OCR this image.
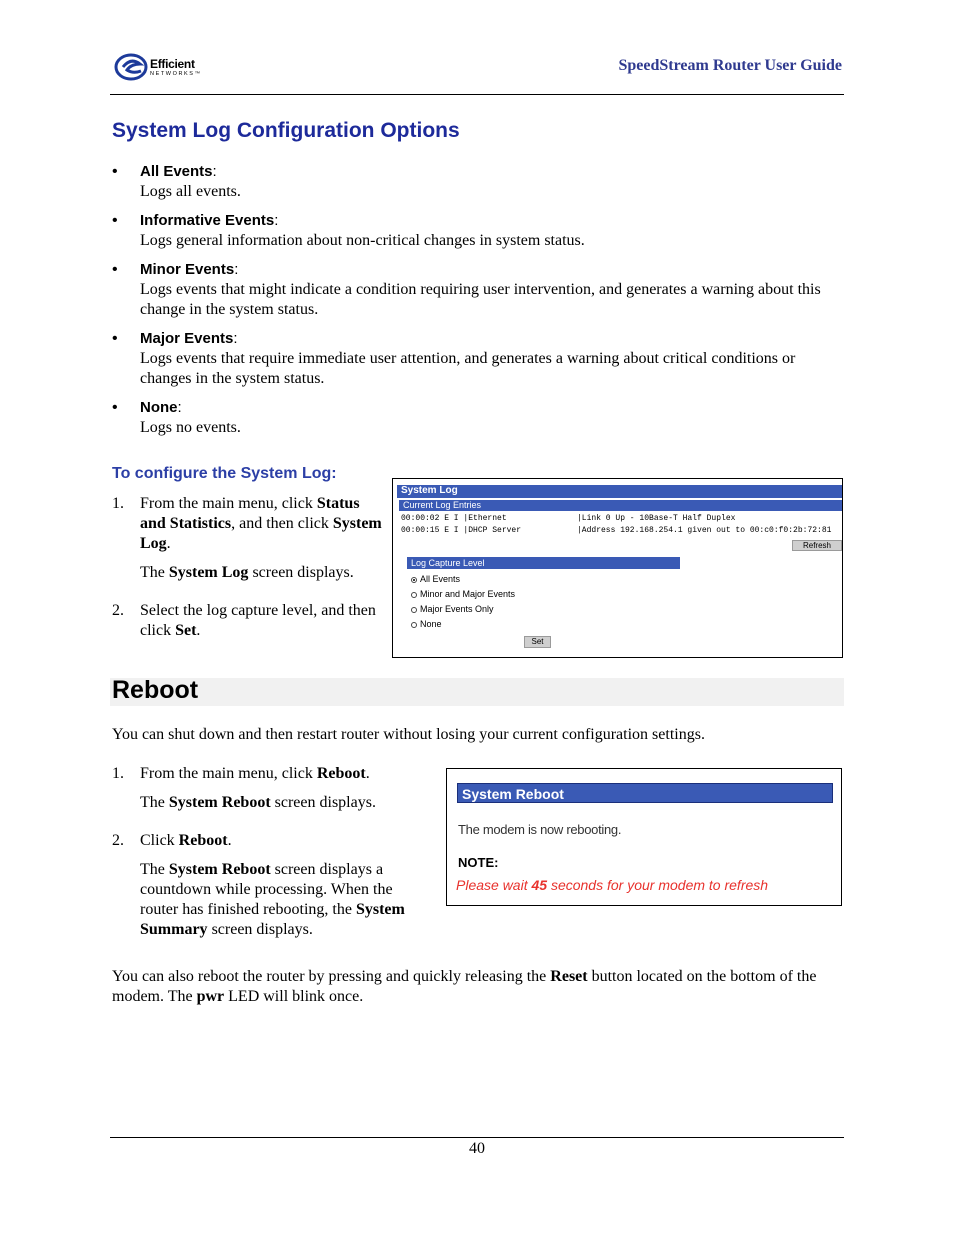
Efficient
NETWORKS™	SpeedStream Router User Guide
System Log Configuration Options
• All Events:
Logs all events.
• Informative Events:
Logs general information about non-critical changes in system status.
• Minor Events:
Logs events that might indicate a condition requiring user intervention, and generates a warning about this change in the system status.
• Major Events:
Logs events that require immediate user attention, and generates a warning about critical conditions or changes in the system status.
• None:
Logs no events.
To configure the System Log:
1. From the main menu, click Status and Statistics, and then click System Log.
The System Log screen displays.
2. Select the log capture level, and then click Set.
System Log
Current Log Entries
00:00:02 E I |Ethernet	|Link 0 Up - 10Base-T Half Duplex
00:00:15 E I |DHCP Server	|Address 192.168.254.1 given out to 00:c0:f0:2b:72:81
Refresh
Log Capture Level
All Events
Minor and Major Events
Major Events Only
None
Set
Reboot
You can shut down and then restart router without losing your current configuration settings.
1. From the main menu, click Reboot.
The System Reboot screen displays.
2. Click Reboot.
The System Reboot screen displays a countdown while processing. When the router has finished rebooting, the System Summary screen displays.
System Reboot
The modem is now rebooting.
NOTE:
Please wait 45 seconds for your modem to refresh
You can also reboot the router by pressing and quickly releasing the Reset button located on the bottom of the modem. The pwr LED will blink once.
40
